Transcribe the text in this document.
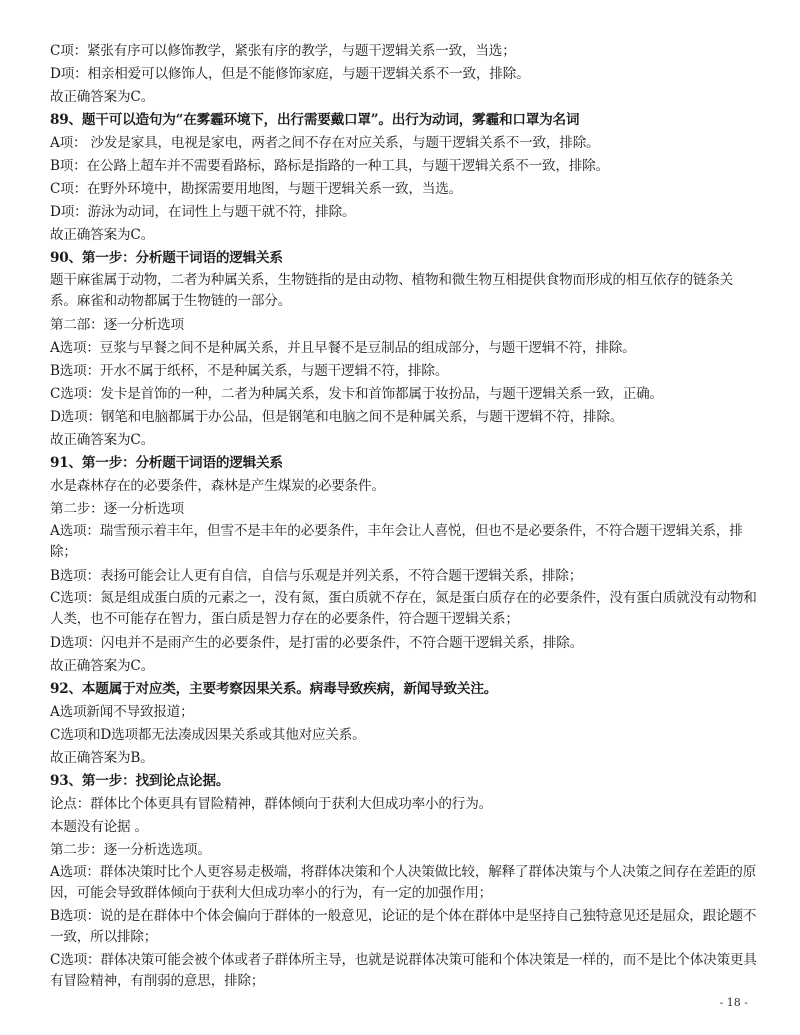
C项：紧张有序可以修饰教学，紧张有序的教学，与题干逻辑关系一致，当选；

D项：相亲相爱可以修饰人，但是不能修饰家庭，与题干逻辑关系不一致，排除。

故正确答案为C。

89、题干可以造句为“在雾霾环境下，出行需要戴口罩”。出行为动词，雾霾和口罩为名词

A项： 沙发是家具，电视是家电，两者之间不存在对应关系，与题干逻辑关系不一致，排除。

B项：在公路上超车并不需要看路标，路标是指路的一种工具，与题干逻辑关系不一致，排除。

C项：在野外环境中，勘探需要用地图，与题干逻辑关系一致，当选。

D项：游泳为动词，在词性上与题干就不符，排除。

故正确答案为C。

90、第一步：分析题干词语的逻辑关系

题干麻雀属于动物，二者为种属关系，生物链指的是由动物、植物和微生物互相提供食物而形成的相互依存的链条关系。麻雀和动物都属于生物链的一部分。

第二部：逐一分析选项

A选项：豆浆与早餐之间不是种属关系，并且早餐不是豆制品的组成部分，与题干逻辑不符，排除。

B选项：开水不属于纸杯，不是种属关系，与题干逻辑不符，排除。

C选项：发卡是首饰的一种，二者为种属关系，发卡和首饰都属于妆扮品，与题干逻辑关系一致，正确。

D选项：钢笔和电脑都属于办公品，但是钢笔和电脑之间不是种属关系，与题干逻辑不符，排除。

故正确答案为C。

91、第一步：分析题干词语的逻辑关系

水是森林存在的必要条件，森林是产生煤炭的必要条件。

第二步：逐一分析选项

A选项：瑞雪预示着丰年，但雪不是丰年的必要条件，丰年会让人喜悦，但也不是必要条件，不符合题干逻辑关系，排除；

B选项：表扬可能会让人更有自信，自信与乐观是并列关系，不符合题干逻辑关系，排除；

C选项：氮是组成蛋白质的元素之一，没有氮，蛋白质就不存在，氮是蛋白质存在的必要条件，没有蛋白质就没有动物和人类，也不可能存在智力，蛋白质是智力存在的必要条件，符合题干逻辑关系；

D选项：闪电并不是雨产生的必要条件，是打雷的必要条件，不符合题干逻辑关系，排除。

故正确答案为C。

92、本题属于对应类，主要考察因果关系。病毒导致疾病，新闻导致关注。

A选项新闻不导致报道；

C选项和D选项都无法凑成因果关系或其他对应关系。

故正确答案为B。

93、第一步：找到论点论据。

论点：群体比个体更具有冒险精神，群体倾向于获利大但成功率小的行为。

本题没有论据 。

第二步：逐一分析选选项。

A选项：群体决策时比个人更容易走极端，将群体决策和个人决策做比较，解释了群体决策与个人决策之间存在差距的原因，可能会导致群体倾向于获利大但成功率小的行为，有一定的加强作用；

B选项：说的是在群体中个体会偏向于群体的一般意见，论证的是个体在群体中是坚持自己独特意见还是屈众，跟论题不一致，所以排除；

C选项：群体决策可能会被个体或者子群体所主导，也就是说群体决策可能和个体决策是一样的，而不是比个体决策更具有冒险精神，有削弱的意思，排除；

- 18 -
